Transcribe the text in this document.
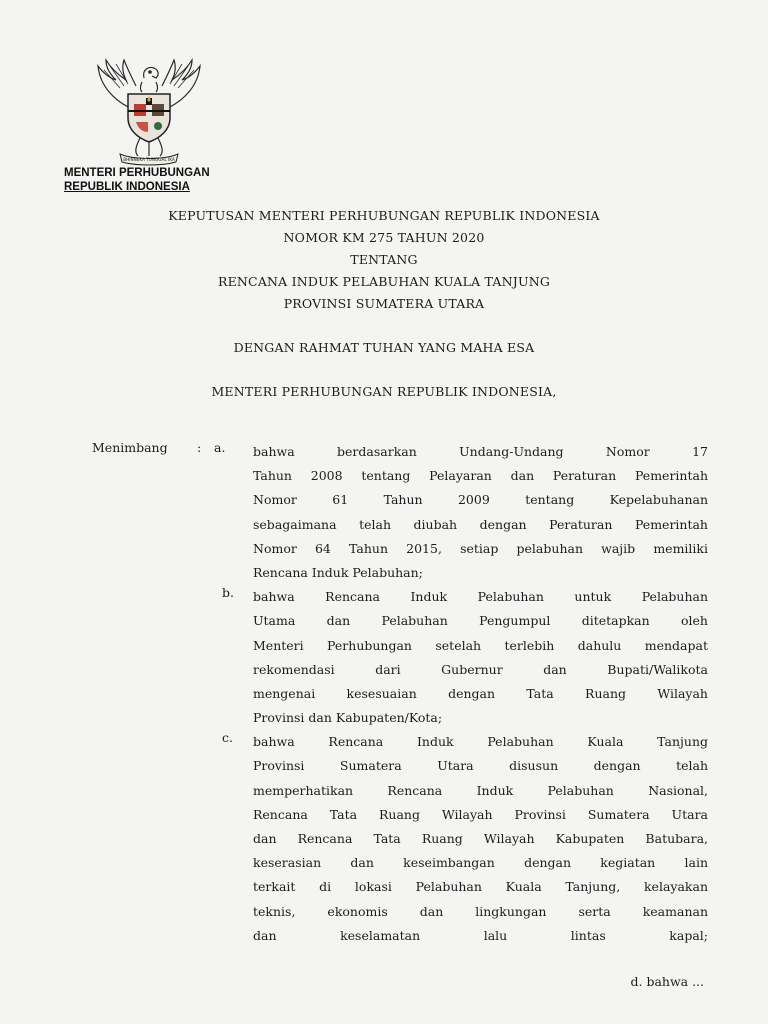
BHINNEKA TUNGGAL IKA
MENTERI PERHUBUNGAN
REPUBLIK INDONESIA
KEPUTUSAN MENTERI PERHUBUNGAN REPUBLIK INDONESIA
NOMOR KM 275 TAHUN 2020
TENTANG
RENCANA INDUK PELABUHAN KUALA TANJUNG
PROVINSI SUMATERA UTARA
DENGAN RAHMAT TUHAN YANG MAHA ESA
MENTERI PERHUBUNGAN REPUBLIK INDONESIA,
Menimbang : a.	bahwa berdasarkan Undang-Undang Nomor 17
Tahun 2008 tentang Pelayaran dan Peraturan Pemerintah
Nomor 61 Tahun 2009 tentang Kepelabuhanan
sebagaimana telah diubah dengan Peraturan Pemerintah
Nomor 64 Tahun 2015, setiap pelabuhan wajib memiliki
Rencana Induk Pelabuhan;
b.	bahwa Rencana Induk Pelabuhan untuk Pelabuhan
Utama dan Pelabuhan Pengumpul ditetapkan oleh
Menteri Perhubungan setelah terlebih dahulu mendapat
rekomendasi dari Gubernur dan Bupati/Walikota
mengenai kesesuaian dengan Tata Ruang Wilayah
Provinsi dan Kabupaten/Kota;
c.	bahwa Rencana Induk Pelabuhan Kuala Tanjung
Provinsi Sumatera Utara disusun dengan telah
memperhatikan Rencana Induk Pelabuhan Nasional,
Rencana Tata Ruang Wilayah Provinsi Sumatera Utara
dan Rencana Tata Ruang Wilayah Kabupaten Batubara,
keserasian dan keseimbangan dengan kegiatan lain
terkait di lokasi Pelabuhan Kuala Tanjung, kelayakan
teknis, ekonomis dan lingkungan serta keamanan
dan keselamatan lalu lintas kapal;
d. bahwa ...
